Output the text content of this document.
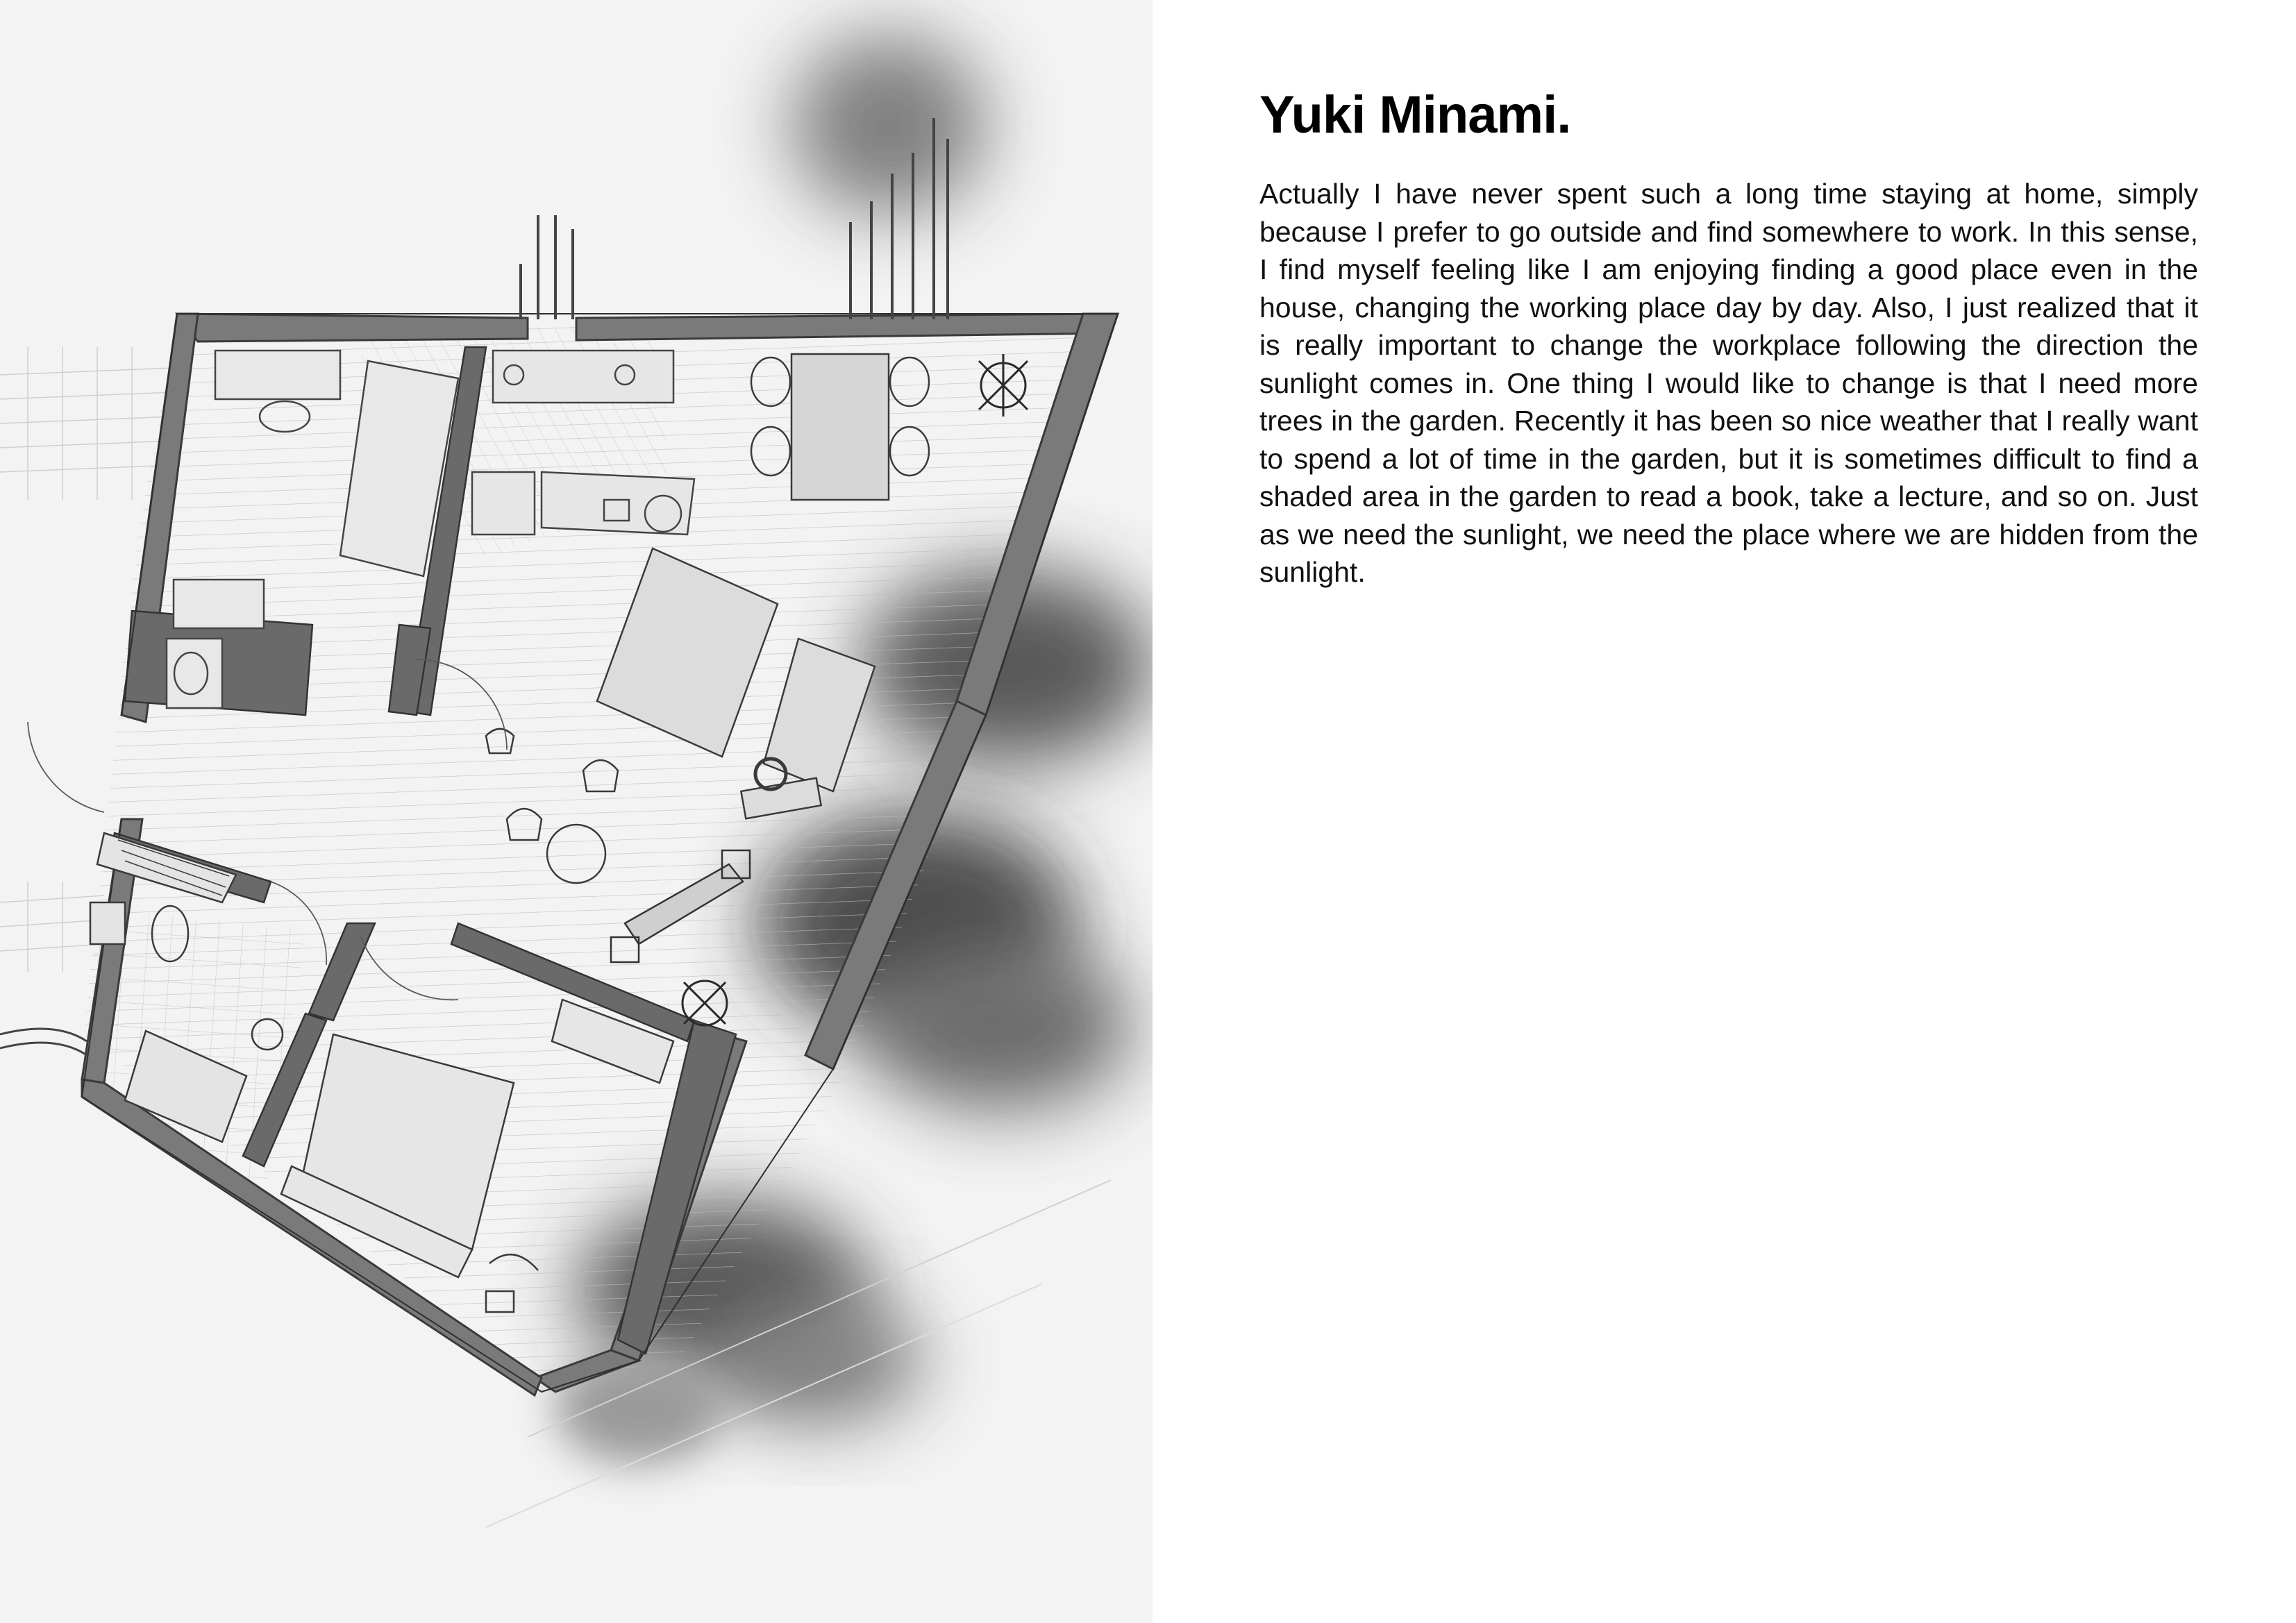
Yuki Minami.

Actually I have never spent such a long time staying at home, simply because I prefer to go outside and find somewhere to work. In this sense, I find myself feeling like I am enjoying finding a good place even in the house, changing the working place day by day. Also, I just realized that it is really important to change the workplace following the direction the sunlight comes in. One thing I would like to change is that I need more trees in the garden. Recently it has been so nice weather that I really want to spend a lot of time in the garden, but it is sometimes difficult to find a shaded area in the garden to read a book, take a lecture, and so on. Just as we need the sunlight, we need the place where we are hidden from the sunlight.
